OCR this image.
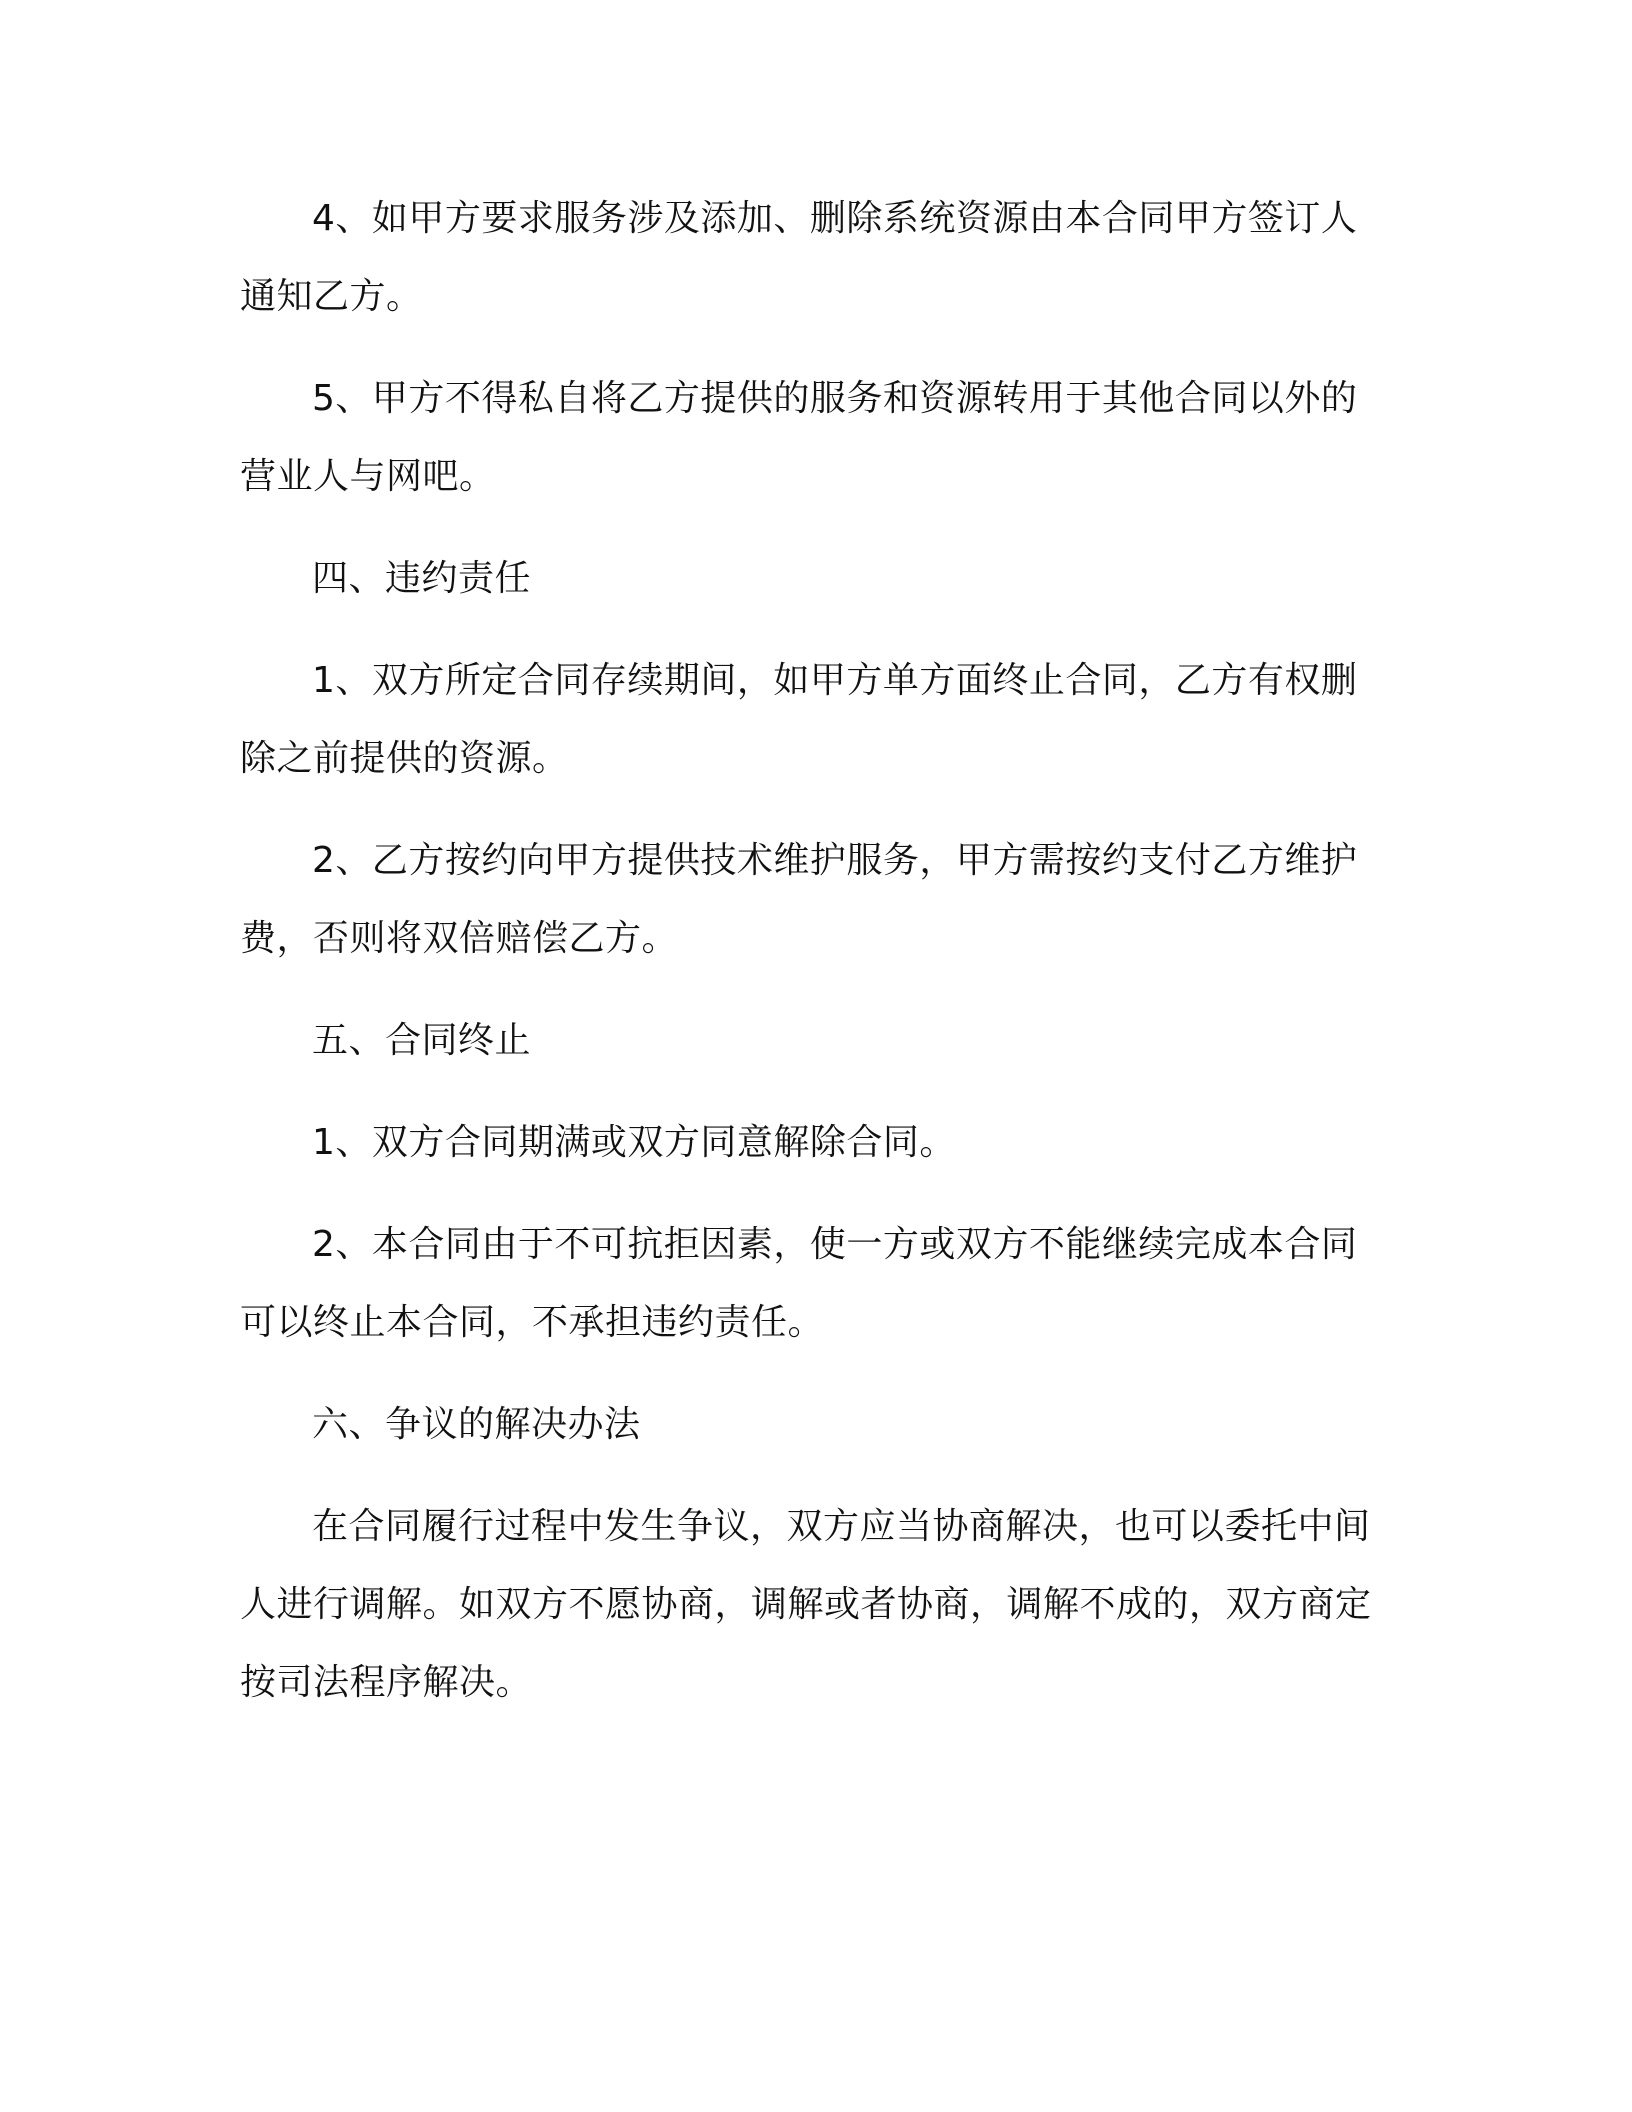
4、如甲方要求服务涉及添加、删除系统资源由本合同甲方签订人通知乙方。

5、甲方不得私自将乙方提供的服务和资源转用于其他合同以外的营业人与网吧。

四、违约责任

1、双方所定合同存续期间，如甲方单方面终止合同，乙方有权删除之前提供的资源。

2、乙方按约向甲方提供技术维护服务，甲方需按约支付乙方维护费，否则将双倍赔偿乙方。

五、合同终止

1、双方合同期满或双方同意解除合同。

2、本合同由于不可抗拒因素，使一方或双方不能继续完成本合同可以终止本合同，不承担违约责任。

六、争议的解决办法

在合同履行过程中发生争议，双方应当协商解决，也可以委托中间人进行调解。如双方不愿协商，调解或者协商，调解不成的，双方商定按司法程序解决。
